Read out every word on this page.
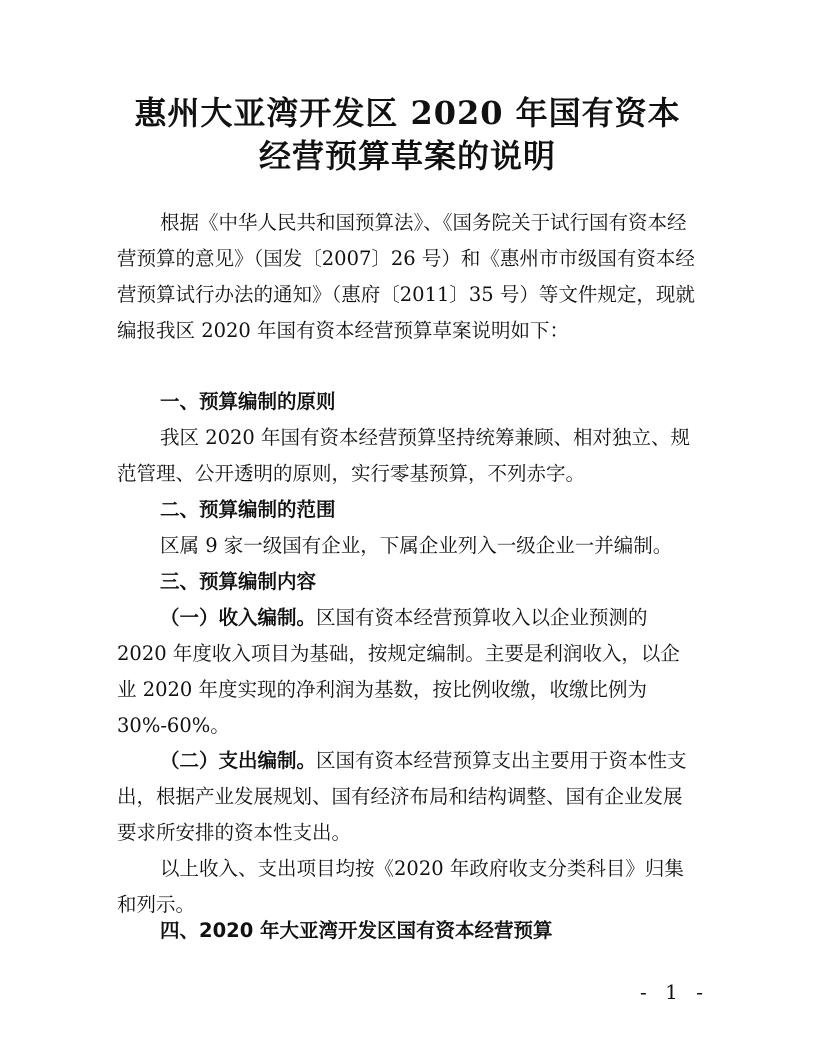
惠州大亚湾开发区 2020 年国有资本
经营预算草案的说明

根据《中华人民共和国预算法》、《国务院关于试行国有资本经营预算的意见》（国发〔2007〕26 号）和《惠州市市级国有资本经营预算试行办法的通知》（惠府〔2011〕35 号）等文件规定，现就编报我区 2020 年国有资本经营预算草案说明如下：

一、预算编制的原则

我区 2020 年国有资本经营预算坚持统筹兼顾、相对独立、规范管理、公开透明的原则，实行零基预算，不列赤字。

二、预算编制的范围

区属 9 家一级国有企业，下属企业列入一级企业一并编制。

三、预算编制内容

（一）收入编制。区国有资本经营预算收入以企业预测的 2020 年度收入项目为基础，按规定编制。主要是利润收入，以企业 2020 年度实现的净利润为基数，按比例收缴，收缴比例为 30%-60%。

（二）支出编制。区国有资本经营预算支出主要用于资本性支出，根据产业发展规划、国有经济布局和结构调整、国有企业发展要求所安排的资本性支出。

以上收入、支出项目均按《2020 年政府收支分类科目》归集和列示。

四、2020 年大亚湾开发区国有资本经营预算
- 1 -
